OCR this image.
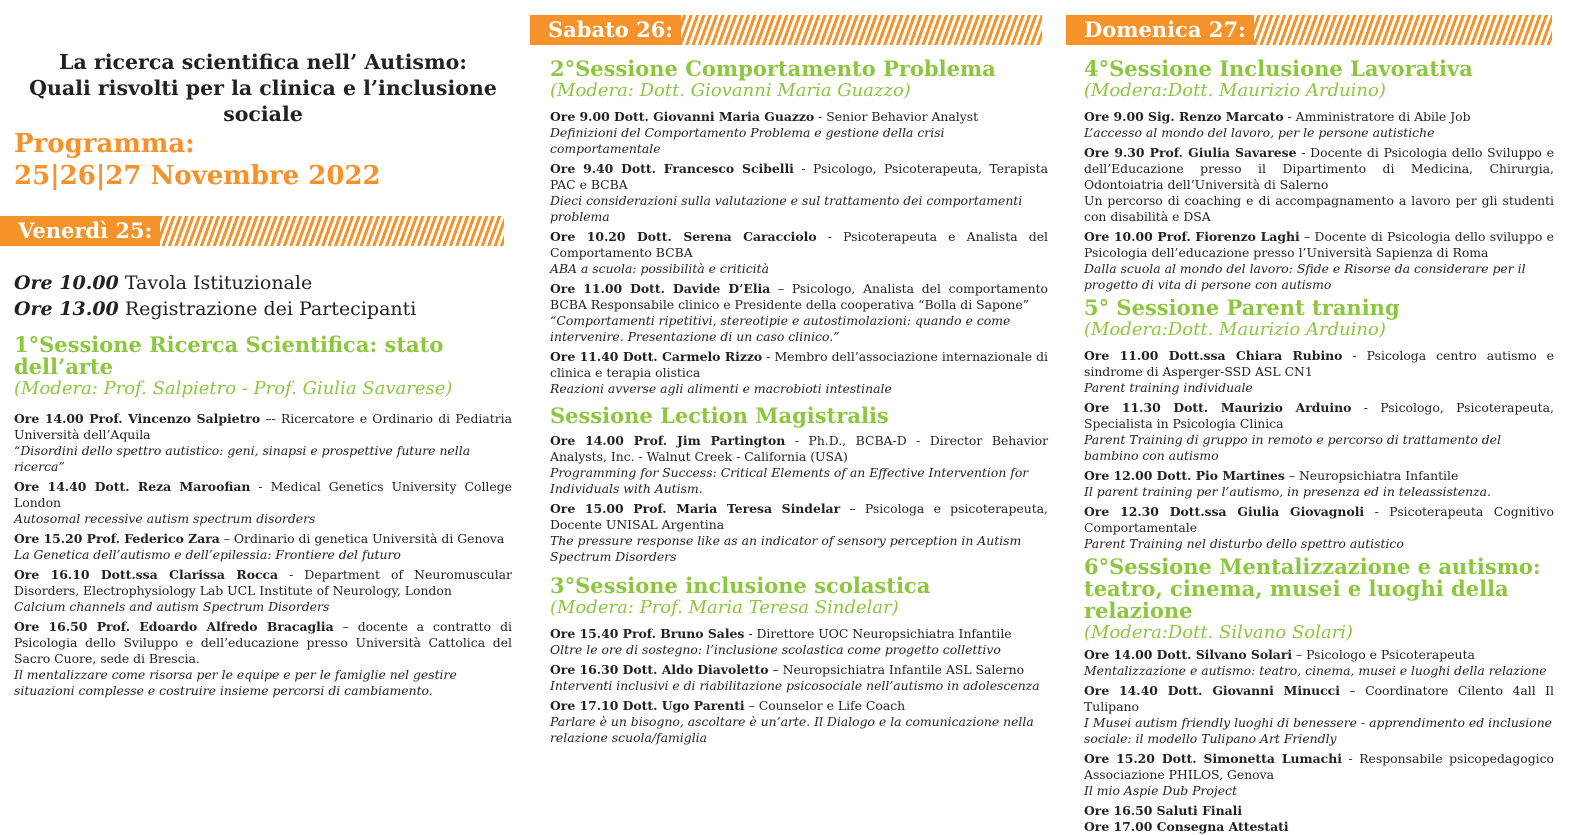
La ricerca scientifica nell’ Autismo:
Quali risvolti per la clinica e l’inclusione sociale
Programma:
25|26|27 Novembre 2022
Venerdì 25:
Ore 10.00 Tavola Istituzionale
Ore 13.00 Registrazione dei Partecipanti
1°Sessione Ricerca Scientifica: stato dell’arte
(Modera: Prof. Salpietro - Prof. Giulia Savarese)
Ore 14.00 Prof. Vincenzo Salpietro –- Ricercatore e Ordinario di Pediatria Università dell’Aquila
“Disordini dello spettro autistico: geni, sinapsi e prospettive future nella ricerca”
Ore 14.40 Dott. Reza Maroofian - Medical Genetics University College London
Autosomal recessive autism spectrum disorders
Ore 15.20 Prof. Federico Zara – Ordinario di genetica Università di Genova
La Genetica dell’autismo e dell’epilessia: Frontiere del futuro
Ore 16.10 Dott.ssa Clarissa Rocca - Department of Neuromuscular Disorders, Electrophysiology Lab UCL Institute of Neurology, London
Calcium channels and autism Spectrum Disorders
Ore 16.50 Prof. Edoardo Alfredo Bracaglia – docente a contratto di Psicologia dello Sviluppo e dell’educazione presso Università Cattolica del Sacro Cuore, sede di Brescia.
Il mentalizzare come risorsa per le equipe e per le famiglie nel gestire situazioni complesse e costruire insieme percorsi di cambiamento.
Sabato 26:
2°Sessione Comportamento Problema
(Modera: Dott. Giovanni Maria Guazzo)
Ore 9.00 Dott. Giovanni Maria Guazzo - Senior Behavior Analyst
Definizioni del Comportamento Problema e gestione della crisi comportamentale
Ore 9.40 Dott. Francesco Scibelli - Psicologo, Psicoterapeuta, Terapista PAC e BCBA
Dieci considerazioni sulla valutazione e sul trattamento dei comportamenti problema
Ore 10.20 Dott. Serena Caracciolo - Psicoterapeuta e Analista del Comportamento BCBA
ABA a scuola: possibilità e criticità
Ore 11.00 Dott. Davide D’Elia – Psicologo, Analista del comportamento BCBA Responsabile clinico e Presidente della cooperativa “Bolla di Sapone”
“Comportamenti ripetitivi, stereotipie e autostimolazioni: quando e come intervenire. Presentazione di un caso clinico.”
Ore 11.40 Dott. Carmelo Rizzo - Membro dell’associazione internazionale di clinica e terapia olistica
Reazioni avverse agli alimenti e macrobioti intestinale
Sessione Lection Magistralis
Ore 14.00 Prof. Jim Partington - Ph.D., BCBA-D - Director Behavior Analysts, Inc. - Walnut Creek - California (USA)
Programming for Success: Critical Elements of an Effective Intervention for Individuals with Autism.
Ore 15.00 Prof. Maria Teresa Sindelar – Psicologa e psicoterapeuta, Docente UNISAL Argentina
The pressure response like as an indicator of sensory perception in Autism Spectrum Disorders
3°Sessione inclusione scolastica
(Modera: Prof. Maria Teresa Sindelar)
Ore 15.40 Prof. Bruno Sales - Direttore UOC Neuropsichiatra Infantile
Oltre le ore di sostegno: l’inclusione scolastica come progetto collettivo
Ore 16.30 Dott. Aldo Diavoletto – Neuropsichiatra Infantile ASL Salerno
Interventi inclusivi e di riabilitazione psicosociale nell’autismo in adolescenza
Ore 17.10 Dott. Ugo Parenti – Counselor e Life Coach
Parlare è un bisogno, ascoltare è un’arte. Il Dialogo e la comunicazione nella relazione scuola/famiglia
Domenica 27:
4°Sessione Inclusione Lavorativa
(Modera:Dott. Maurizio Arduino)
Ore 9.00 Sig. Renzo Marcato - Amministratore di Abile Job
L’accesso al mondo del lavoro, per le persone autistiche
Ore 9.30 Prof. Giulia Savarese - Docente di Psicologia dello Sviluppo e dell’Educazione presso il Dipartimento di Medicina, Chirurgia, Odontoiatria dell’Università di Salerno
Un percorso di coaching e di accompagnamento a lavoro per gli studenti con disabilità e DSA
Ore 10.00 Prof. Fiorenzo Laghi – Docente di Psicologia dello sviluppo e Psicologia dell’educazione presso l’Università Sapienza di Roma
Dalla scuola al mondo del lavoro: Sfide e Risorse da considerare per il progetto di vita di persone con autismo
5° Sessione Parent traning
(Modera:Dott. Maurizio Arduino)
Ore 11.00 Dott.ssa Chiara Rubino - Psicologa centro autismo e sindrome di Asperger-SSD ASL CN1
Parent training individuale
Ore 11.30 Dott. Maurizio Arduino - Psicologo, Psicoterapeuta, Specialista in Psicologia Clinica
Parent Training di gruppo in remoto e percorso di trattamento del bambino con autismo
Ore 12.00 Dott. Pio Martines – Neuropsichiatra Infantile
Il parent training per l’autismo, in presenza ed in teleassistenza.
Ore 12.30 Dott.ssa Giulia Giovagnoli - Psicoterapeuta Cognitivo Comportamentale
Parent Training nel disturbo dello spettro autistico
6°Sessione Mentalizzazione e autismo: teatro, cinema, musei e luoghi della relazione
(Modera:Dott. Silvano Solari)
Ore 14.00 Dott. Silvano Solari – Psicologo e Psicoterapeuta
Mentalizzazione e autismo: teatro, cinema, musei e luoghi della relazione
Ore 14.40 Dott. Giovanni Minucci – Coordinatore Cilento 4all Il Tulipano
I Musei autism friendly luoghi di benessere - apprendimento ed inclusione sociale: il modello Tulipano Art Friendly
Ore 15.20 Dott. Simonetta Lumachi - Responsabile psicopedagogico Associazione PHILOS, Genova
Il mio Aspie Dub Project
Ore 16.50 Saluti Finali
Ore 17.00 Consegna Attestati
